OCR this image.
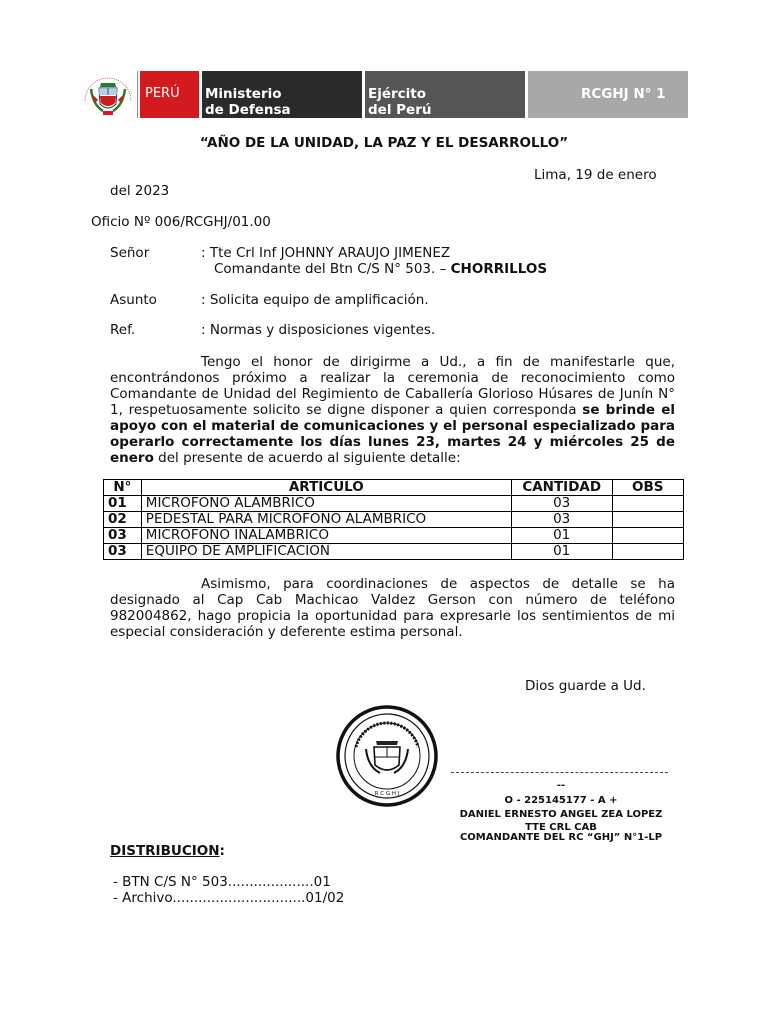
PERÚ	Ministerio
de Defensa
Ejército
del Perú
RCGHJ N° 1
“AÑO DE LA UNIDAD, LA PAZ Y EL DESARROLLO”
Lima, 19 de enero
del 2023
Oficio Nº 006/RCGHJ/01.00
Señor	: Tte Crl Inf JOHNNY ARAUJO JIMENEZ
Comandante del Btn C/S N° 503. – CHORRILLOS
Asunto	: Solicita equipo de amplificación.
Ref.	: Normas y disposiciones vigentes.
Tengo el honor de dirigirme a Ud., a fin de manifestarle que, encontrándonos próximo a realizar la ceremonia de reconocimiento como Comandante de Unidad del Regimiento de Caballería Glorioso Húsares de Junín N° 1, respetuosamente solicito se digne disponer a quien corresponda se brinde el apoyo con el material de comunicaciones y el personal especializado para operarlo correctamente los días lunes 23, martes 24 y miércoles 25 de enero del presente de acuerdo al siguiente detalle:
N°	ARTICULO	CANTIDAD	OBS
01	MICROFONO ALAMBRICO	03	
02	PEDESTAL PARA MICROFONO ALAMBRICO	03	
03	MICROFONO INALAMBRICO	01	
03	EQUIPO DE AMPLIFICACION	01	
Asimismo, para coordinaciones de aspectos de detalle se ha designado al Cap Cab Machicao Valdez Gerson con número de teléfono 982004862, hago propicia la oportunidad para expresarle los sentimientos de mi especial consideración y deferente estima personal.
Dios guarde a Ud.
R C G H J
--
O - 225145177 - A +
DANIEL ERNESTO ANGEL ZEA LOPEZ
TTE CRL CAB
COMANDANTE DEL RC “GHJ” N°1-LP
DISTRIBUCION:
- BTN C/S N° 503....................01
- Archivo...............................01/02
